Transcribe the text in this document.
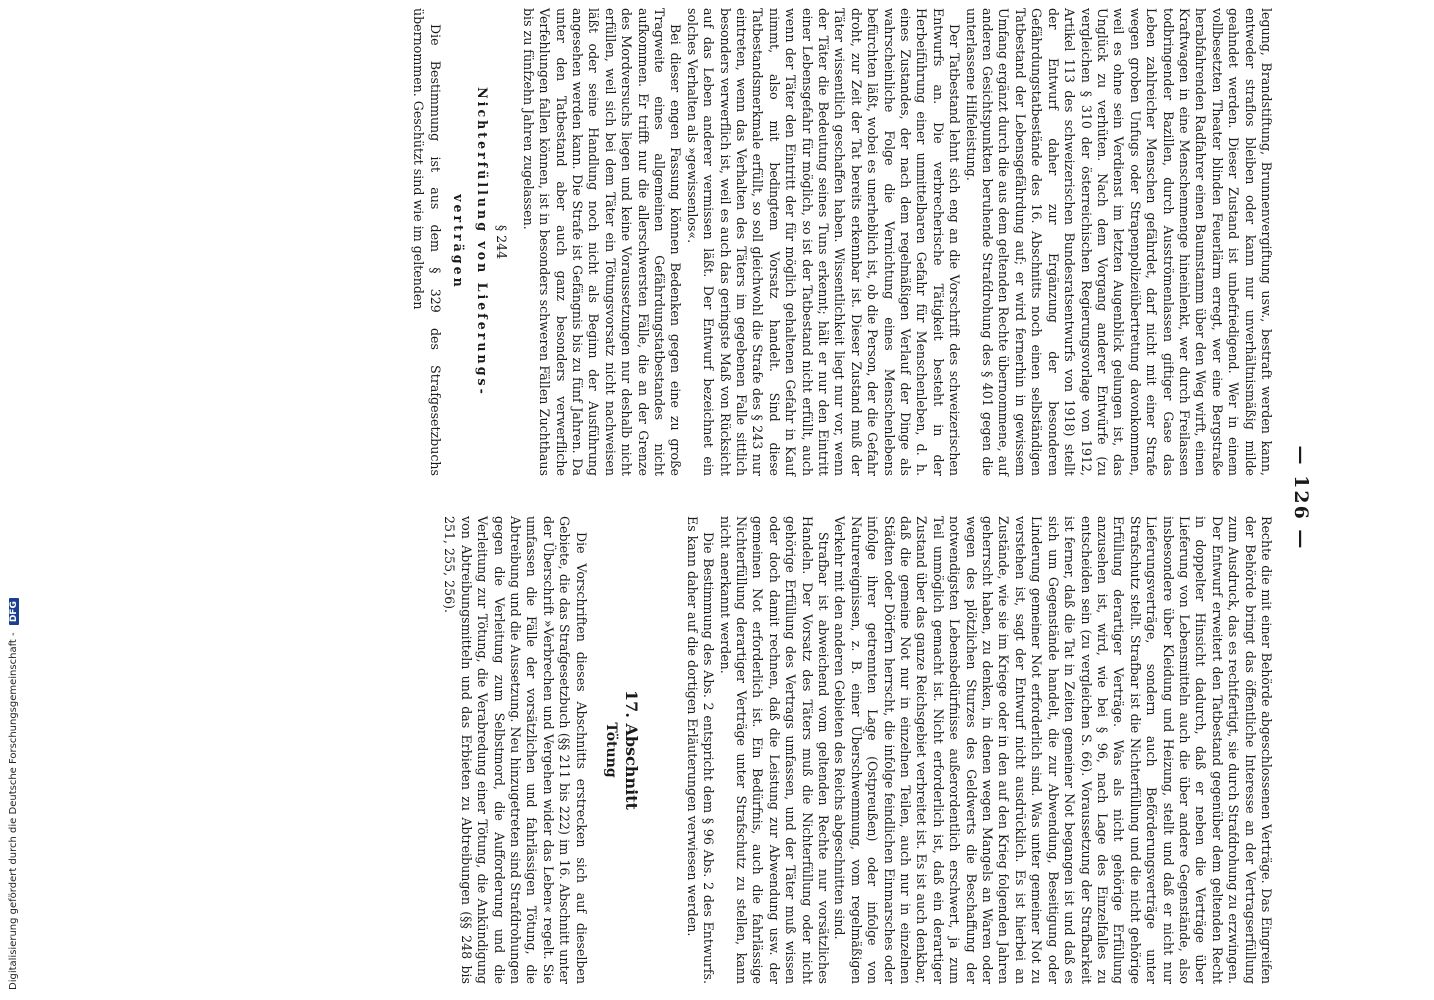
— 126 —

legung, Brandstiftung, Brunnenvergiftung usw., bestraft werden kann, entweder straflos bleiben oder kann nur unverhältnismäßig milde geahndet werden. Dieser Zustand ist unbefriedigend. Wer in einem vollbesetzten Theater blinden Feuerlärm erregt, wer eine Bergstraße herabfahrenden Radfahrer einen Baumstamm über den Weg wirft, einen Kraftwagen in eine Menschenmenge hineinlenkt, wer durch Freilassen todbringender Bazillen, durch Ausströmenlassen giftiger Gase das Leben zahlreicher Menschen gefährdet, darf nicht mit einer Strafe wegen groben Unfugs oder Strapenpolizeiübertretung davonkommen, weil es ohne sein Verdienst im letzten Augenblick gelungen ist, das Unglück zu verhüten. Nach dem Vorgang anderer Entwürfe (zu vergleichen § 310 der österreichischen Regierungsvorlage von 1912, Artikel 113 des schweizerischen Bundesratsentwurfs von 1918) stellt der Entwurf daher zur Ergänzung der besonderen Gefährdungstatbestände des 16. Abschnitts noch einen selbständigen Tatbestand der Lebensgefährdung auf; er wird fernerhin in gewissem Umfang ergänzt durch die aus dem geltenden Rechte übernommene, auf anderen Gesichtspunkten beruhende Strafdrohung des § 401 gegen die unterlassene Hilfeleistung.

Der Tatbestand lehnt sich eng an die Vorschrift des schweizerischen Entwurfs an. Die verbrecherische Tätigkeit besteht in der Herbeiführung einer unmittelbaren Gefahr für Menschenleben, d. h. eines Zustandes, der nach dem regelmäßigen Verlauf der Dinge als wahrscheinliche Folge die Vernichtung eines Menschenlebens befürchten läßt, wobei es unerheblich ist, ob die Person, der die Gefahr droht, zur Zeit der Tat bereits erkennbar ist. Dieser Zustand muß der Täter wissentlich geschaffen haben. Wissentlichkeit liegt nur vor, wenn der Täter die Bedeutung seines Tuns erkennt; hält er nur den Eintritt einer Lebensgefahr für möglich, so ist der Tatbestand nicht erfüllt, auch wenn der Täter den Eintritt der für möglich gehaltenen Gefahr in Kauf nimmt, also mit bedingtem Vorsatz handelt. Sind diese Tatbestandsmerkmale erfüllt, so soll gleichwohl die Strafe des § 243 nur eintreten, wenn das Verhalten des Täters im gegebenen Falle sittlich besonders verwerflich ist, weil es auch das geringste Maß von Rücksicht auf das Leben anderer vermissen läßt. Der Entwurf bezeichnet ein solches Verhalten als »gewissenlos«.

Bei dieser engen Fassung können Bedenken gegen eine zu große Tragweite eines allgemeinen Gefährdungstatbestandes nicht aufkommen. Er trifft nur die allerschwersten Fälle, die an der Grenze des Mordversuchs liegen und keine Voraussetzungen nur deshalb nicht erfüllen, weil sich bei dem Täter ein Tötungsvorsatz nicht nachweisen läßt oder seine Handlung noch nicht als Beginn der Ausführung angesehen werden kann. Die Strafe ist Gefängnis bis zu fünf Jahren. Da unter den Tatbestand aber auch ganz besonders verwerfliche Verfehlungen fallen können, ist in besonders schweren Fällen Zuchthaus bis zu fünfzehn Jahren zugelassen.

§ 244
Nichterfüllung von Lieferungs-
verträgen

Die Bestimmung ist aus dem § 329 des Strafgesetzbuchs übernommen. Geschützt sind wie im geltenden

Rechte die mit einer Behörde abgeschlossenen Verträge. Das Eingreifen der Behörde bringt das öffentliche Interesse an der Vertragserfüllung zum Ausdruck, das es rechtfertigt, sie durch Strafdrohung zu erzwingen. Der Entwurf erweitert den Tatbestand gegenüber dem geltenden Recht in doppelter Hinsicht dadurch, daß er neben die Verträge über Lieferung von Lebensmitteln auch die über andere Gegenstände, also insbesondere über Kleidung und Heizung, stellt und daß er nicht nur Lieferungsverträge, sondern auch Beförderungsverträge unter Strafschutz stellt. Strafbar ist die Nichterfüllung und die nicht gehörige Erfüllung derartiger Verträge. Was als nicht gehörige Erfüllung anzusehen ist, wird, wie bei § 96, nach Lage des Einzelfalles zu entscheiden sein (zu vergleichen S. 66). Voraussetzung der Strafbarkeit ist ferner, daß die Tat in Zeiten gemeiner Not begangen ist und daß es sich um Gegenstände handelt, die zur Abwendung, Beseitigung oder Linderung gemeiner Not erforderlich sind. Was unter gemeiner Not zu verstehen ist, sagt der Entwurf nicht ausdrücklich. Es ist hierbei an Zustände, wie sie im Kriege oder in den auf den Krieg folgenden Jahren geherrscht haben, zu denken, in denen wegen Mangels an Waren oder wegen des plötzlichen Sturzes des Geldwerts die Beschaffung der notwendigsten Lebensbedürfnisse außerordentlich erschwert, ja zum Teil unmöglich gemacht ist. Nicht erforderlich ist, daß ein derartiger Zustand über das ganze Reichsgebiet verbreitet ist. Es ist auch denkbar, daß die gemeine Not nur in einzelnen Teilen, auch nur in einzelnen Städten oder Dörfern herrscht, die infolge feindlichen Einmarsches oder infolge ihrer getrennten Lage (Ostpreußen) oder infolge von Naturereignissen, z. B. einer Überschwemmung, vom regelmäßigen Verkehr mit den anderen Gebieten des Reichs abgeschnitten sind.

Strafbar ist abweichend vom geltenden Rechte nur vorsätzliches Handeln. Der Vorsatz des Täters muß die Nichterfüllung oder nicht gehörige Erfüllung des Vertrags umfassen, und der Täter muß wissen oder doch damit rechnen, daß die Leistung zur Abwendung usw. der gemeinen Not erforderlich ist. Ein Bedürfnis, auch die fahrlässige Nichterfüllung derartiger Verträge unter Strafschutz zu stellen, kann nicht anerkannt werden.

Die Bestimmung des Abs. 2 entspricht dem § 96 Abs. 2 des Entwurfs. Es kann daher auf die dortigen Erläuterungen verwiesen werden.

17. Abschnitt
Tötung

Die Vorschriften dieses Abschnitts erstrecken sich auf dieselben Gebiete, die das Strafgesetzbuch (§§ 211 bis 222) im 16. Abschnitt unter der Überschrift »Verbrechen und Vergehen wider das Leben« regelt. Sie umfassen die Fälle der vorsätzlichen und fahrlässigen Tötung, die Abtreibung und die Aussetzung. Neu hinzugetreten sind Strafdrohungen gegen die Verleitung zum Selbstmord, die Aufforderung und die Verleitung zur Tötung, die Verabredung einer Tötung, die Ankündigung von Abtreibungsmitteln und das Erbieten zu Abtreibungen (§§ 248 bis 251, 255, 256).

Digitalisierung gefördert durch die Deutsche Forschungsgemeinschaft - DFG
